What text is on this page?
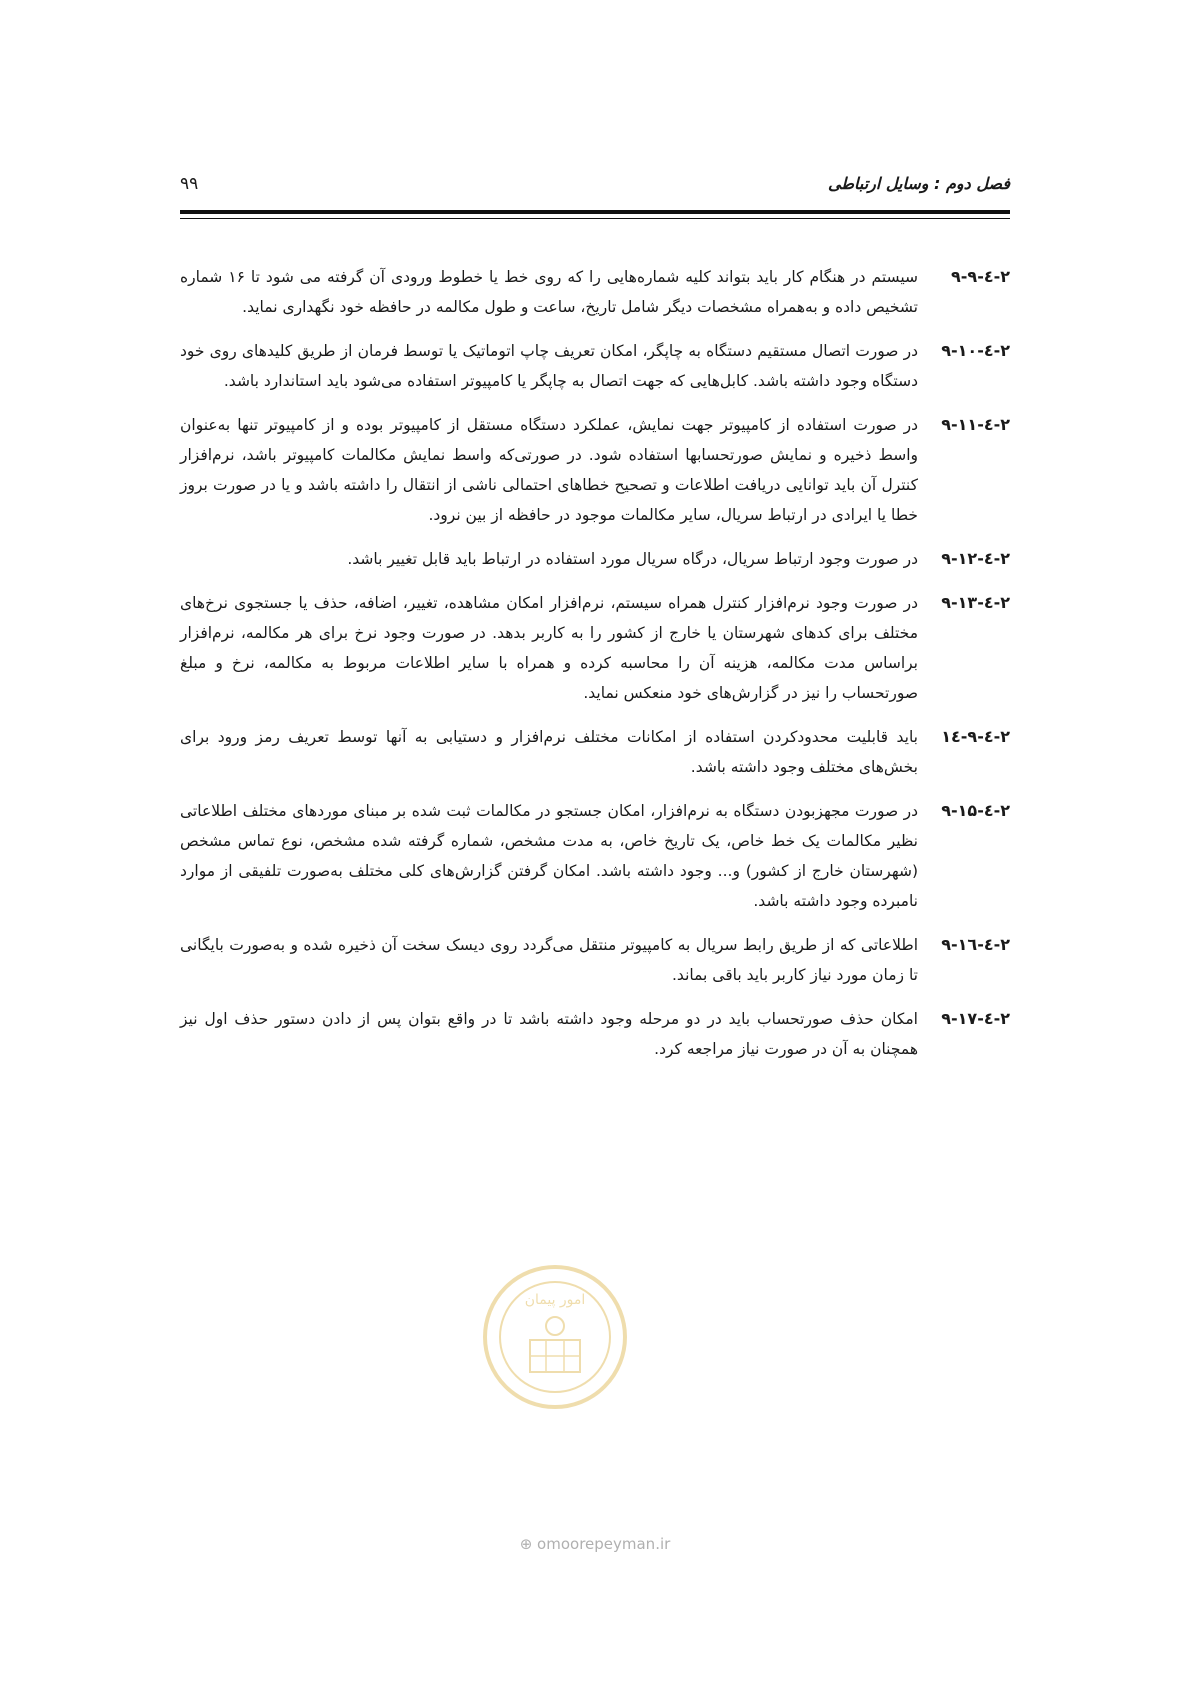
فصل دوم : وسایل ارتباطی
۹۹
۲-٤-۹-۹
سیستم در هنگام کار باید بتواند کلیه شماره‌هایی را که روی خط یا خطوط ورودی آن گرفته می شود تا ۱۶ شماره تشخیص داده و به‌همراه مشخصات دیگر شامل تاریخ، ساعت و طول مکالمه در حافظه خود نگهداری نماید.
۲-٤-۹-۱۰
در صورت اتصال مستقیم دستگاه به چاپگر، امکان تعریف چاپ اتوماتیک یا توسط فرمان از طریق کلیدهای روی خود دستگاه وجود داشته باشد. کابل‌هایی که جهت اتصال به چاپگر یا کامپیوتر استفاده می‌شود باید استاندارد باشد.
۲-٤-۹-۱۱
در صورت استفاده از کامپیوتر جهت نمایش، عملکرد دستگاه مستقل از کامپیوتر بوده و از کامپیوتر تنها به‌عنوان واسط ذخیره و نمایش صورتحسابها استفاده شود. در صورتی‌که واسط نمایش مکالمات کامپیوتر باشد، نرم‌افزار کنترل آن باید توانایی دریافت اطلاعات و تصحیح خطاهای احتمالی ناشی از انتقال را داشته باشد و یا در صورت بروز خطا یا ایرادی در ارتباط سریال، سایر مکالمات موجود در حافظه از بین نرود.
۲-٤-۹-۱۲
در صورت وجود ارتباط سریال، درگاه سریال مورد استفاده در ارتباط باید قابل تغییر باشد.
۲-٤-۹-۱۳
در صورت وجود نرم‌افزار کنترل همراه سیستم، نرم‌افزار امکان مشاهده، تغییر، اضافه، حذف یا جستجوی نرخ‌های مختلف برای کدهای شهرستان یا خارج از کشور را به کاربر بدهد. در صورت وجود نرخ برای هر مکالمه، نرم‌افزار براساس مدت مکالمه، هزینه آن را محاسبه کرده و همراه با سایر اطلاعات مربوط به مکالمه، نرخ و مبلغ صورتحساب را نیز در گزارش‌های خود منعکس نماید.
۲-٤-۹-١٤
باید قابلیت محدودکردن استفاده از امکانات مختلف نرم‌افزار و دستیابی به آنها توسط تعریف رمز ورود برای بخش‌های مختلف وجود داشته باشد.
۲-٤-۹-۱۵
در صورت مجهزبودن دستگاه به نرم‌افزار، امکان جستجو در مکالمات ثبت شده بر مبنای موردهای مختلف اطلاعاتی نظیر مکالمات یک خط خاص، یک تاریخ خاص، به مدت مشخص، شماره گرفته شده مشخص، نوع تماس مشخص (شهرستان خارج از کشور) و... وجود داشته باشد. امکان گرفتن گزارش‌های کلی مختلف به‌صورت تلفیقی از موارد نامبرده وجود داشته باشد.
۲-٤-۹-۱٦
اطلاعاتی که از طریق رابط سریال به کامپیوتر منتقل می‌گردد روی دیسک سخت آن ذخیره شده و به‌صورت بایگانی تا زمان مورد نیاز کاربر باید باقی بماند.
۲-٤-۹-۱۷
امکان حذف صورتحساب باید در دو مرحله وجود داشته باشد تا در واقع بتوان پس از دادن دستور حذف اول نیز همچنان به آن در صورت نیاز مراجعه کرد.
امور پیمان
⊕ omoorepeyman.ir
